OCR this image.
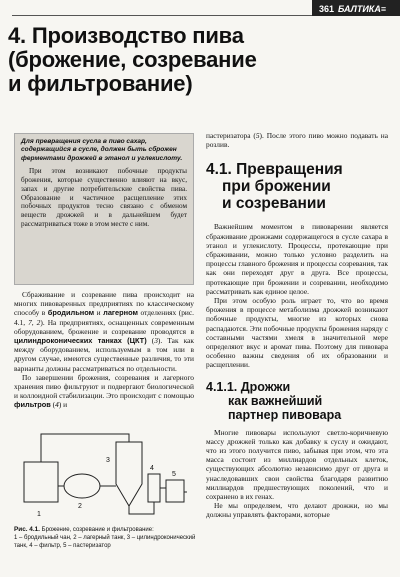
361 БАЛТИКА≡
4. Производство пива
(брожение, созревание
и фильтрование)
Для превращения сусла в пиво сахар, содержащийся в сусле, должен быть сброжен ферментами дрожжей в этанол и углекислоту.

При этом возникают побочные продукты брожения, которые существенно влияют на вкус, запах и другие потребительские свойства пива. Образование и частичное расщепление этих побочных продуктов тесно связано с обменом веществ дрожжей и в дальнейшем будет рассматриваться тоже в этом месте с ним.

Сбраживание и созревание пива происходит на многих пивоваренных предприятиях по классическому способу в бродильном и лагерном отделениях (рис. 4.1, 7, 2). На предприятиях, оснащенных современным оборудованием, брожение и созревание проводятся в цилиндроконических танках (ЦКТ) (3). Так как между оборудованием, используемым в том или в другом случае, имеются существенные различия, то эти варианты должны рассматриваться по отдельности.

По завершении брожения, созревания и лагерного хранения пиво фильтруют и подвергают биологической и коллоидной стабилизации. Это происходит с помощью фильтров (4) и

1
2
3
4
5
Рис. 4.1. Брожение, созревание и фильтрование:
1 – бродильный чан, 2 – лагерный танк, 3 – цилиндроконический танк, 4 – фильтр, 5 – пастеризатор

пастеризатора (5). После этого пиво можно подавать на розлив.

4.1. Превращения
при брожении
и созревании

Важнейшим моментом в пивоварении является сбраживание дрожжами содержащегося в сусле сахара в этанол и углекислоту. Процессы, протекающие при сбраживании, можно только условно разделить на процессы главного брожения и процессы созревания, так как они переходят друг в друга. Все процессы, протекающие при брожении и созревании, необходимо рассматривать как единое целое.

При этом особую роль играет то, что во время брожения в процессе метаболизма дрожжей возникают побочные продукты, многие из которых снова распадаются. Эти побочные продукты брожения наряду с составными частями хмеля в значительной мере определяют вкус и аромат пива. Поэтому для пивовара особенно важны сведения об их образовании и расщеплении.

4.1.1. Дрожжи
как важнейший
партнер пивовара

Многие пивовары используют светло-коричневую массу дрожжей только как добавку к суслу и ожидают, что из этого получится пиво, забывая при этом, что эта масса состоит из миллиардов отдельных клеток, существующих абсолютно независимо друг от друга и унаследовавших свои свойства благодаря развитию миллиардов предшествующих поколений, что и сохранено в их генах.

Не мы определяем, что делают дрожжи, но мы должны управлять факторами, которые
